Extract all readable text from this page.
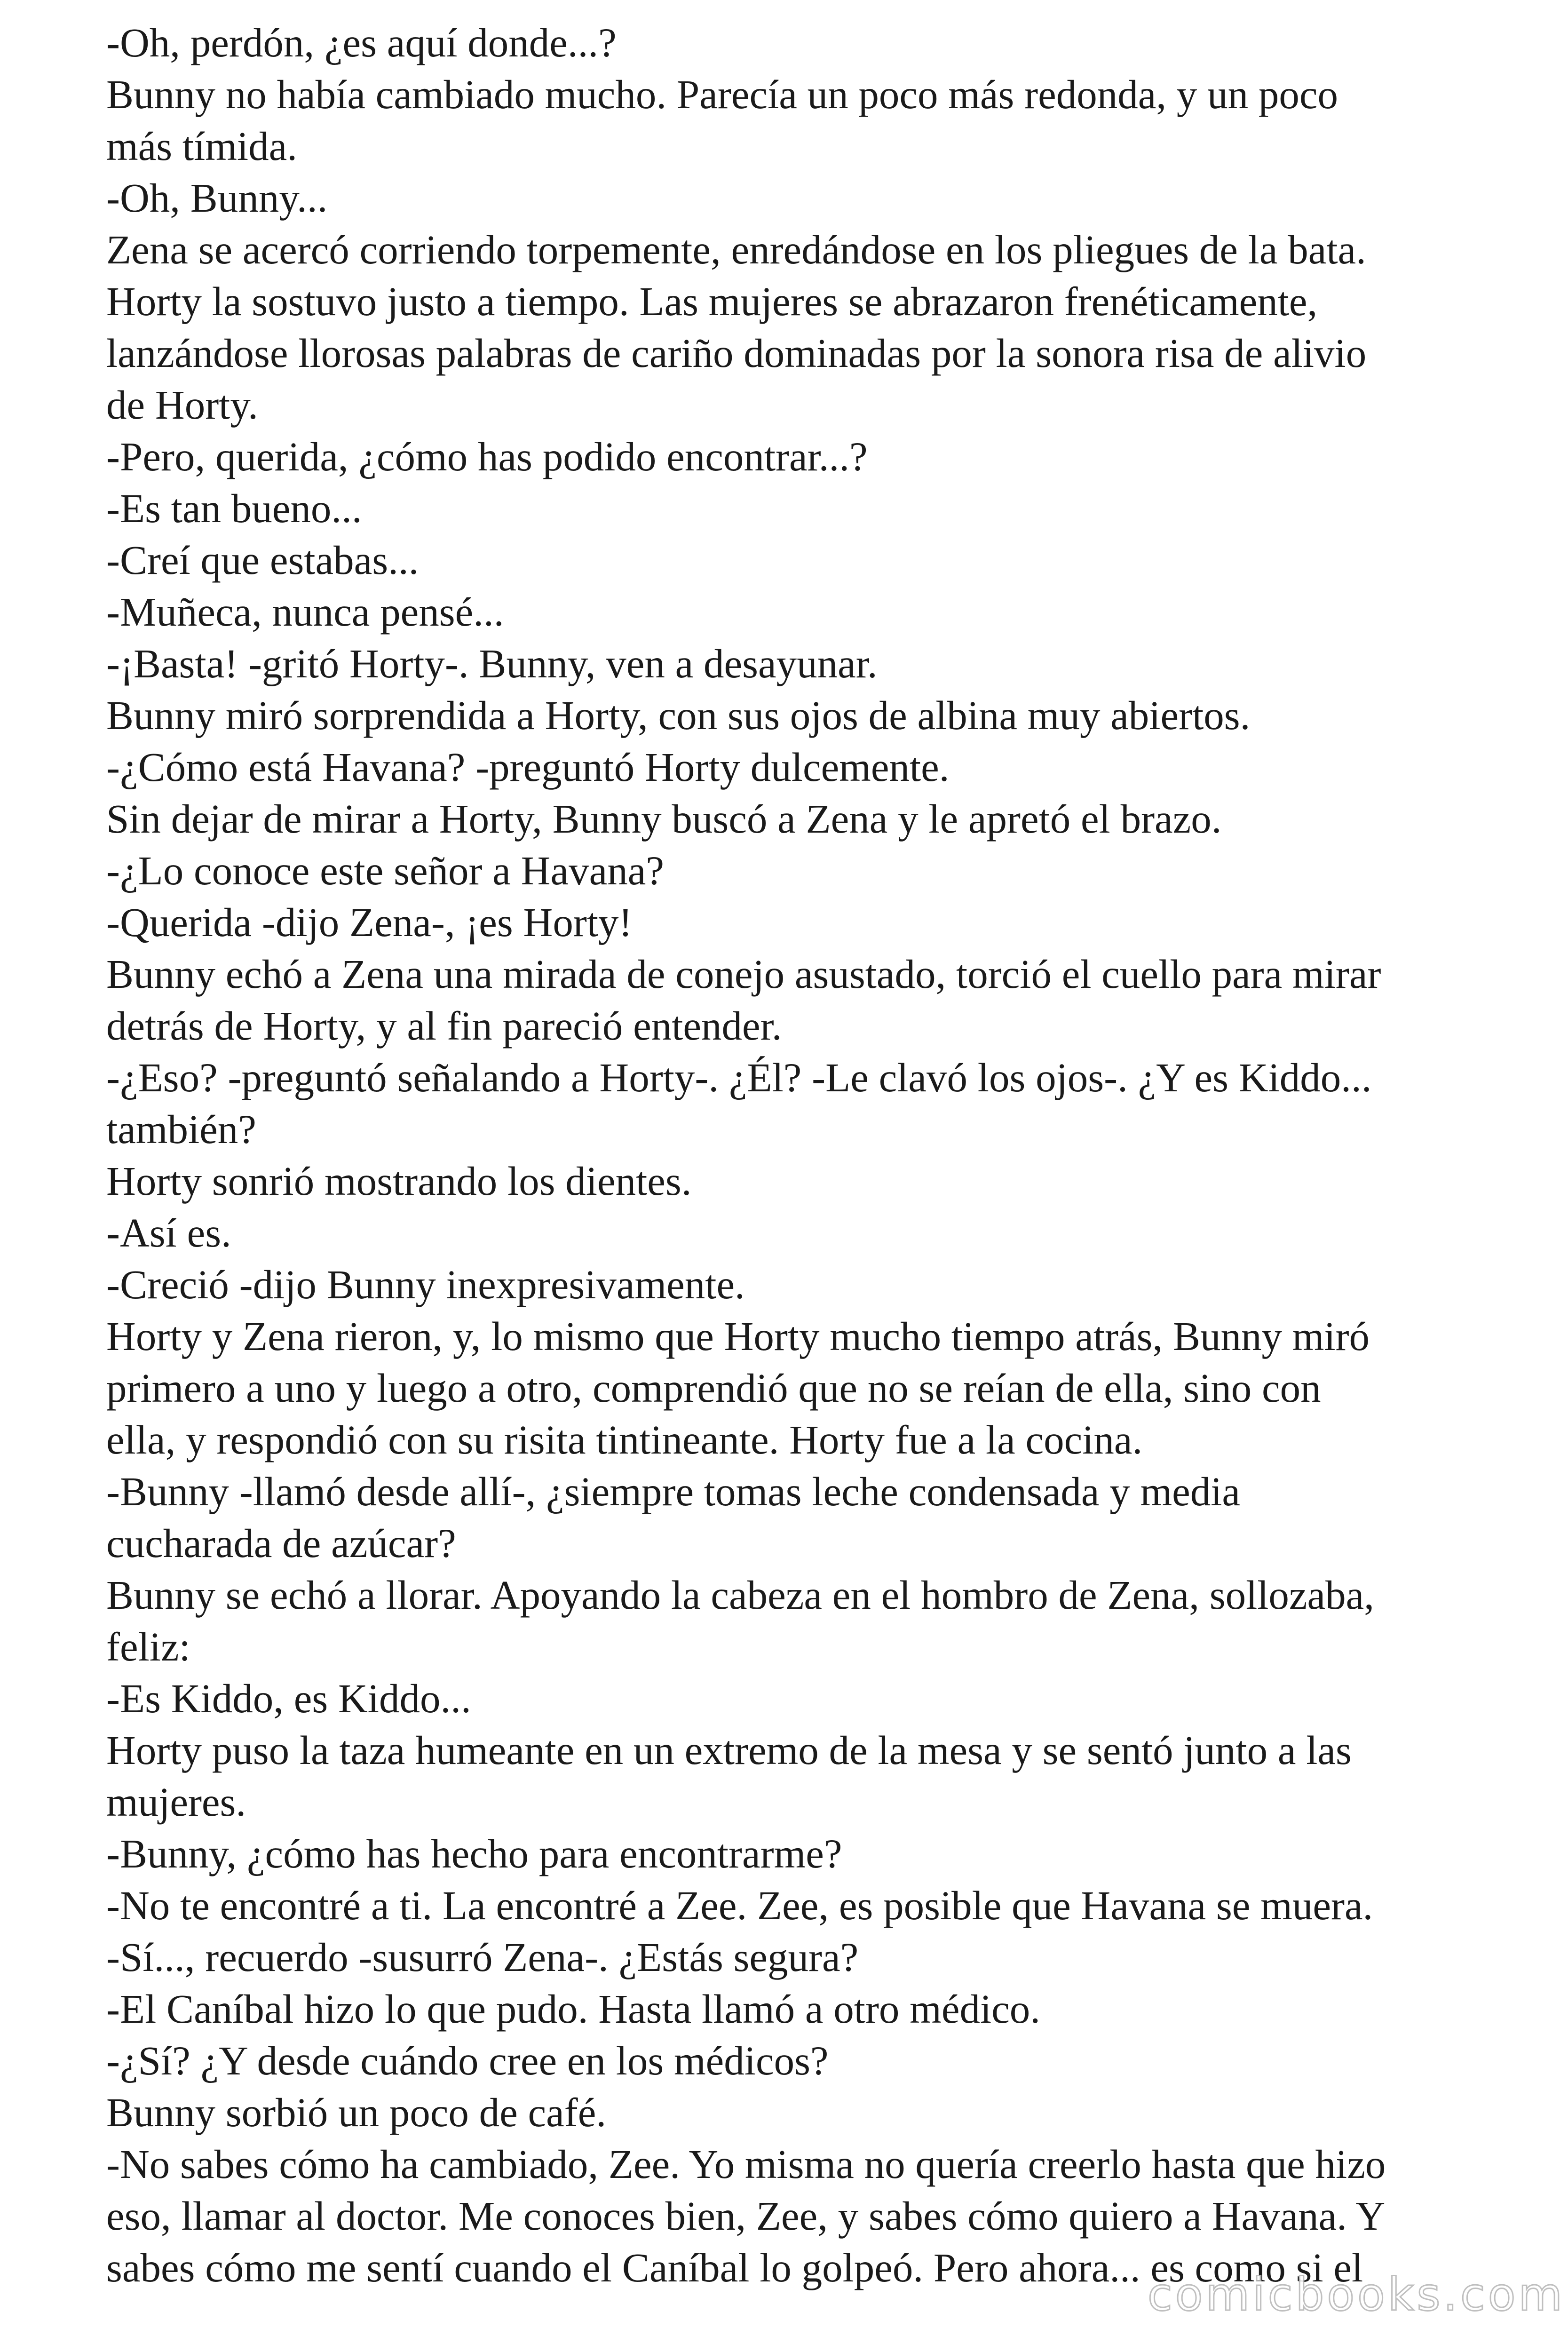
-Oh, perdón, ¿es aquí donde...?

Bunny no había cambiado mucho. Parecía un poco más redonda, y un poco

más tímida.

-Oh, Bunny...

Zena se acercó corriendo torpemente, enredándose en los pliegues de la bata.

Horty la sostuvo justo a tiempo. Las mujeres se abrazaron frenéticamente,

lanzándose llorosas palabras de cariño dominadas por la sonora risa de alivio

de Horty.

-Pero, querida, ¿cómo has podido encontrar...?

-Es tan bueno...

-Creí que estabas...

-Muñeca, nunca pensé...

-¡Basta! -gritó Horty-. Bunny, ven a desayunar.

Bunny miró sorprendida a Horty, con sus ojos de albina muy abiertos.

-¿Cómo está Havana? -preguntó Horty dulcemente.

Sin dejar de mirar a Horty, Bunny buscó a Zena y le apretó el brazo.

-¿Lo conoce este señor a Havana?

-Querida -dijo Zena-, ¡es Horty!

Bunny echó a Zena una mirada de conejo asustado, torció el cuello para mirar

detrás de Horty, y al fin pareció entender.

-¿Eso? -preguntó señalando a Horty-. ¿Él? -Le clavó los ojos-. ¿Y es Kiddo...

también?

Horty sonrió mostrando los dientes.

-Así es.

-Creció -dijo Bunny inexpresivamente.

Horty y Zena rieron, y, lo mismo que Horty mucho tiempo atrás, Bunny miró

primero a uno y luego a otro, comprendió que no se reían de ella, sino con

ella, y respondió con su risita tintineante. Horty fue a la cocina.

-Bunny -llamó desde allí-, ¿siempre tomas leche condensada y media

cucharada de azúcar?

Bunny se echó a llorar. Apoyando la cabeza en el hombro de Zena, sollozaba,

feliz:

-Es Kiddo, es Kiddo...

Horty puso la taza humeante en un extremo de la mesa y se sentó junto a las

mujeres.

-Bunny, ¿cómo has hecho para encontrarme?

-No te encontré a ti. La encontré a Zee. Zee, es posible que Havana se muera.

-Sí..., recuerdo -susurró Zena-. ¿Estás segura?

-El Caníbal hizo lo que pudo. Hasta llamó a otro médico.

-¿Sí? ¿Y desde cuándo cree en los médicos?

Bunny sorbió un poco de café.

-No sabes cómo ha cambiado, Zee. Yo misma no quería creerlo hasta que hizo

eso, llamar al doctor. Me conoces bien, Zee, y sabes cómo quiero a Havana. Y

sabes cómo me sentí cuando el Caníbal lo golpeó. Pero ahora... es como si el

comicbooks.com
